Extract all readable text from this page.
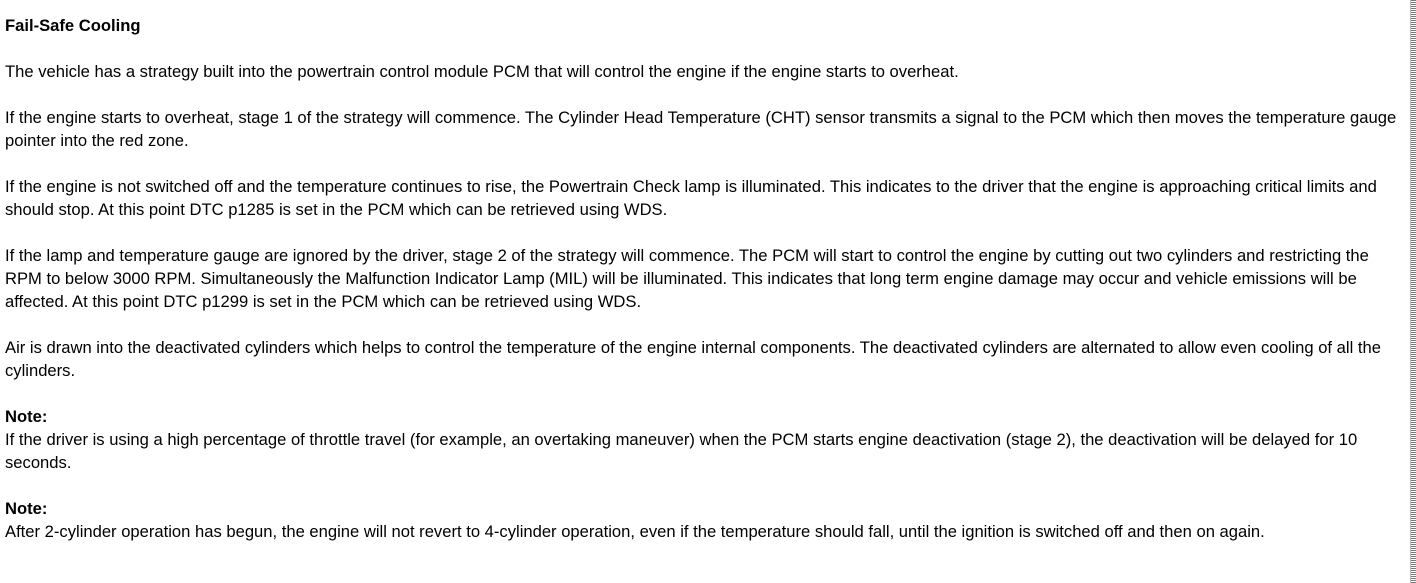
Fail-Safe Cooling

The vehicle has a strategy built into the powertrain control module PCM that will control the engine if the engine starts to overheat.

If the engine starts to overheat, stage 1 of the strategy will commence. The Cylinder Head Temperature (CHT) sensor transmits a signal to the PCM which then moves the temperature gauge pointer into the red zone.

If the engine is not switched off and the temperature continues to rise, the Powertrain Check lamp is illuminated. This indicates to the driver that the engine is approaching critical limits and should stop. At this point DTC p1285 is set in the PCM which can be retrieved using WDS.

If the lamp and temperature gauge are ignored by the driver, stage 2 of the strategy will commence. The PCM will start to control the engine by cutting out two cylinders and restricting the RPM to below 3000 RPM. Simultaneously the Malfunction Indicator Lamp (MIL) will be illuminated. This indicates that long term engine damage may occur and vehicle emissions will be affected. At this point DTC p1299 is set in the PCM which can be retrieved using WDS.

Air is drawn into the deactivated cylinders which helps to control the temperature of the engine internal components. The deactivated cylinders are alternated to allow even cooling of all the cylinders.

Note:
If the driver is using a high percentage of throttle travel (for example, an overtaking maneuver) when the PCM starts engine deactivation (stage 2), the deactivation will be delayed for 10 seconds.
Note:
After 2-cylinder operation has begun, the engine will not revert to 4-cylinder operation, even if the temperature should fall, until the ignition is switched off and then on again.
